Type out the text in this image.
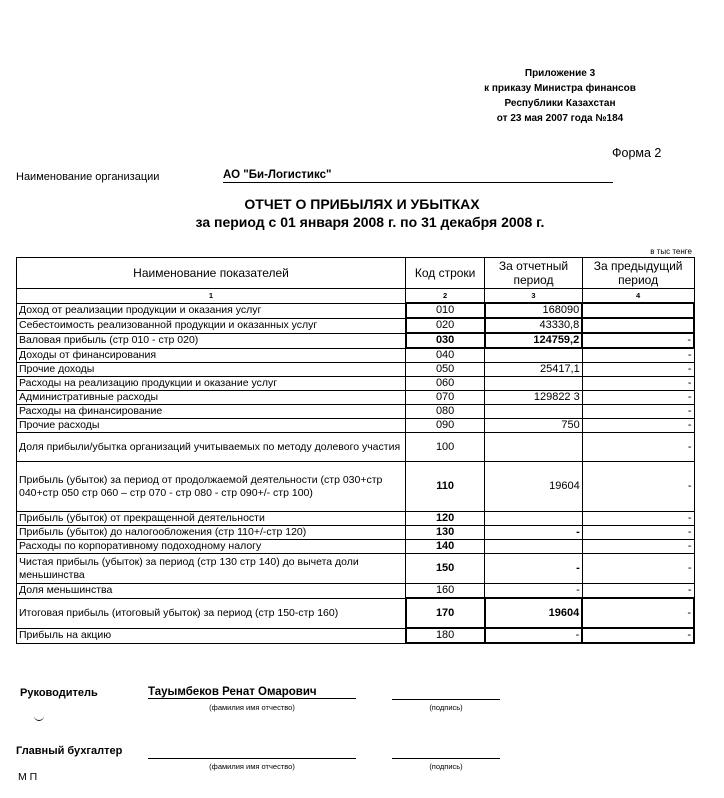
Приложение 3
к приказу Министра финансов
Республики Казахстан
от 23 мая 2007 года №184
Форма 2
Наименование организации	АО "Би-Логистикс"
ОТЧЕТ О ПРИБЫЛЯХ И УБЫТКАХ
за период с 01 января 2008 г. по 31 декабря 2008 г.
в тыс тенге
Наименование показателей	Код строки	За отчетный период	За предыдущий период
1	2	3	4
Доход от реализации продукции и оказания услуг	010	168090	
Себестоимость реализованной продукции и оказанных услуг	020	43330,8	
Валовая прибыль (стр 010 - стр 020)	030	124759,2	-
Доходы от финансирования	040		-
Прочие доходы	050	25417,1	-
Расходы на реализацию продукции и оказание услуг	060		-
Административные расходы	070	129822 3	-
Расходы на финансирование	080		-
Прочие расходы	090	750	-
Доля прибыли/убытка организаций учитываемых по методу долевого участия	100		-
Прибыль (убыток) за период от продолжаемой деятельности (стр 030+стр 040+стр 050 стр 060 – стр 070 - стр 080 - стр 090+/- стр 100)	110	19604	-
Прибыль (убыток) от прекращенной деятельности	120		-
Прибыль (убыток) до налогообложения (стр 110+/-стр 120)	130	-	-
Расходы по корпоративному подоходному налогу	140		-
Чистая прибыль (убыток) за период (стр 130 стр 140) до вычета доли меньшинства	150	-	-
Доля меньшинства	160	-	-
Итоговая прибыль (итоговый убыток) за период (стр 150-стр 160)	170	19604	-
Прибыль на акцию	180	-	-
Руководитель	Тауымбеков Ренат Омарович
(фамилия имя отчество)	(подпись)
Главный бухгалтер
(фамилия имя отчество)	(подпись)
М П
